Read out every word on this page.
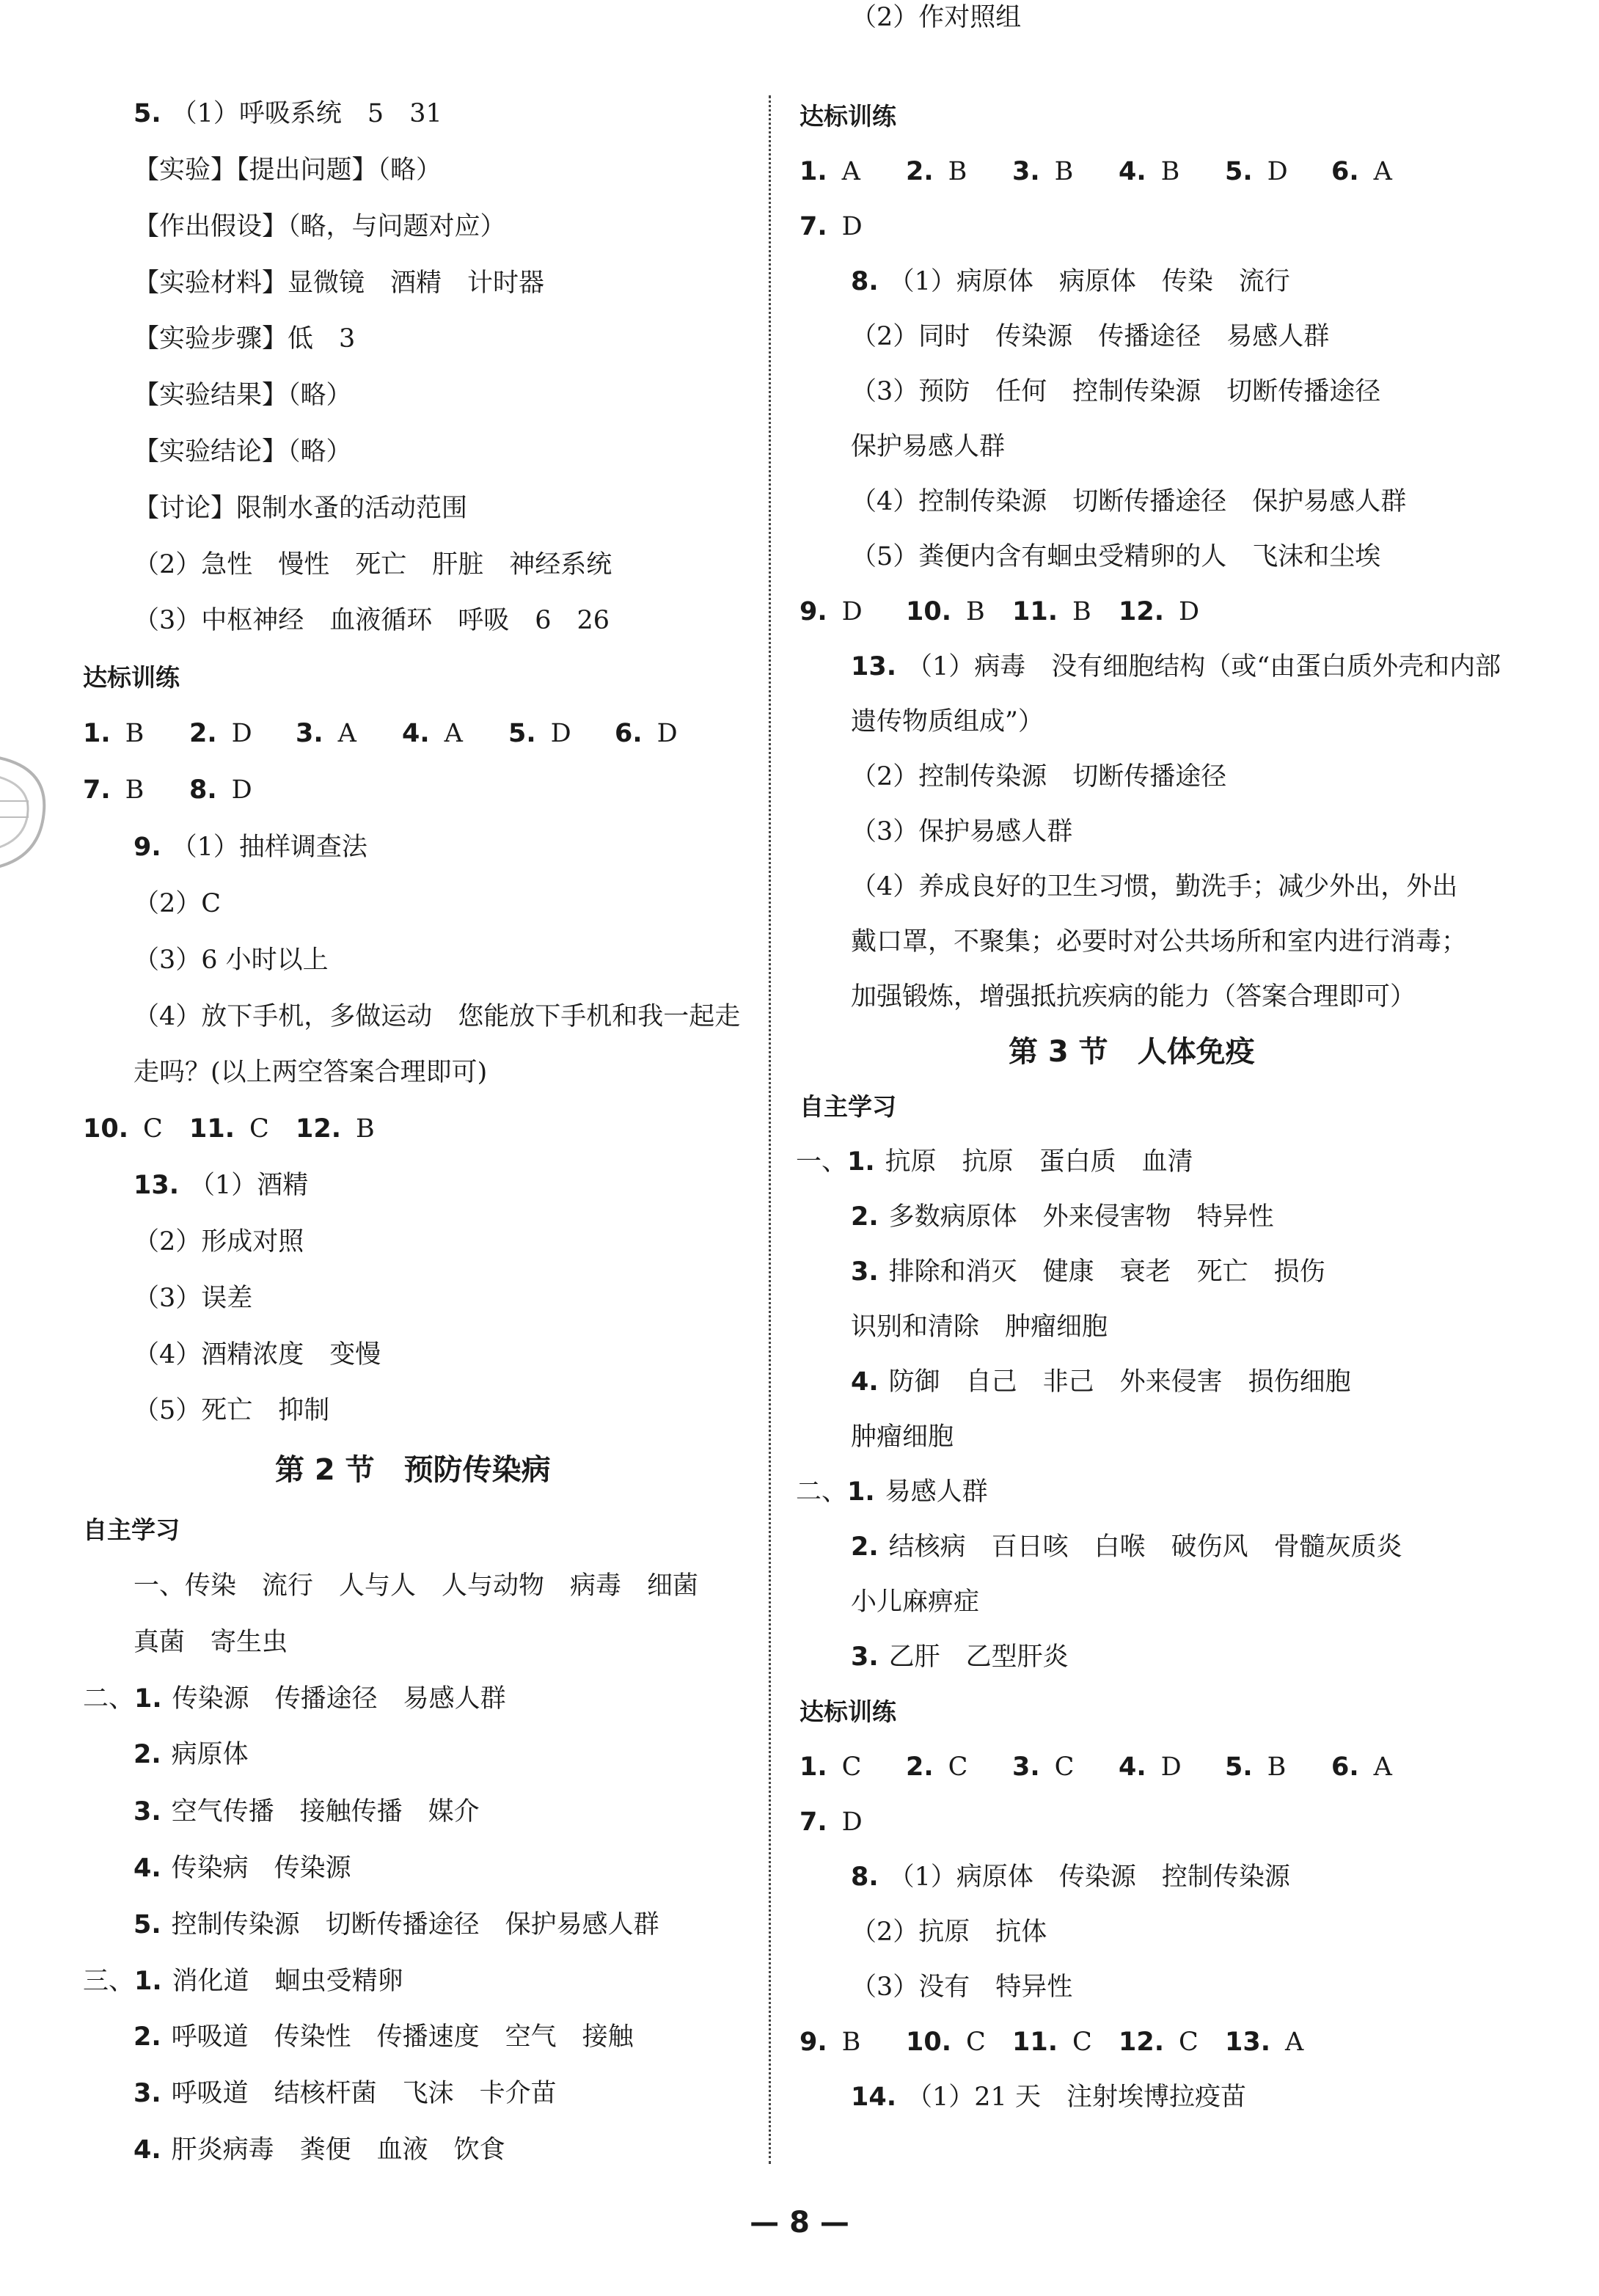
5. （1）呼吸系统　5　31
【实验】【提出问题】（略）
【作出假设】（略，与问题对应）
【实验材料】显微镜　酒精　计时器
【实验步骤】低　3
【实验结果】（略）
【实验结论】（略）
【讨论】限制水蚤的活动范围
（2）急性　慢性　死亡　肝脏　神经系统
（3）中枢神经　血液循环　呼吸　6　26
达标训练
1. B 2. D 3. A 4. A 5. D 6. D
7. B 8. D
9. （1）抽样调查法
（2）C
（3）6 小时以上
（4）放下手机，多做运动　您能放下手机和我一起走
走吗？(以上两空答案合理即可)
10. C 11. C 12. B
13. （1）酒精
（2）形成对照
（3）误差
（4）酒精浓度　变慢
（5）死亡　抑制
第 2 节　预防传染病
自主学习
一、传染　流行　人与人　人与动物　病毒　细菌
真菌　寄生虫
二、1. 传染源　传播途径　易感人群
2. 病原体
3. 空气传播　接触传播　媒介
4. 传染病　传染源
5. 控制传染源　切断传播途径　保护易感人群
三、1. 消化道　蛔虫受精卵
2. 呼吸道　传染性　传播速度　空气　接触
3. 呼吸道　结核杆菌　飞沫　卡介苗
4. 肝炎病毒　粪便　血液　饮食
达标训练
1. A 2. B 3. B 4. B 5. D 6. A
7. D
8. （1）病原体　病原体　传染　流行
（2）同时　传染源　传播途径　易感人群
（3）预防　任何　控制传染源　切断传播途径
保护易感人群
（4）控制传染源　切断传播途径　保护易感人群
（5）粪便内含有蛔虫受精卵的人　飞沫和尘埃
9. D 10. B 11. B 12. D
13. （1）病毒　没有细胞结构（或“由蛋白质外壳和内部
遗传物质组成”）
（2）控制传染源　切断传播途径
（3）保护易感人群
（4）养成良好的卫生习惯，勤洗手；减少外出，外出
戴口罩，不聚集；必要时对公共场所和室内进行消毒；
加强锻炼，增强抵抗疾病的能力（答案合理即可）
第 3 节　人体免疫
自主学习
一、1. 抗原　抗原　蛋白质　血清
2. 多数病原体　外来侵害物　特异性
3. 排除和消灭　健康　衰老　死亡　损伤
识别和清除　肿瘤细胞
4. 防御　自己　非己　外来侵害　损伤细胞
肿瘤细胞
二、1. 易感人群
2. 结核病　百日咳　白喉　破伤风　骨髓灰质炎
小儿麻痹症
3. 乙肝　乙型肝炎
达标训练
1. C 2. C 3. C 4. D 5. B 6. A
7. D
8. （1）病原体　传染源　控制传染源
（2）抗原　抗体
（3）没有　特异性
9. B 10. C 11. C 12. C 13. A
14. （1）21 天　注射埃博拉疫苗
（2）作对照组
— 8 —
